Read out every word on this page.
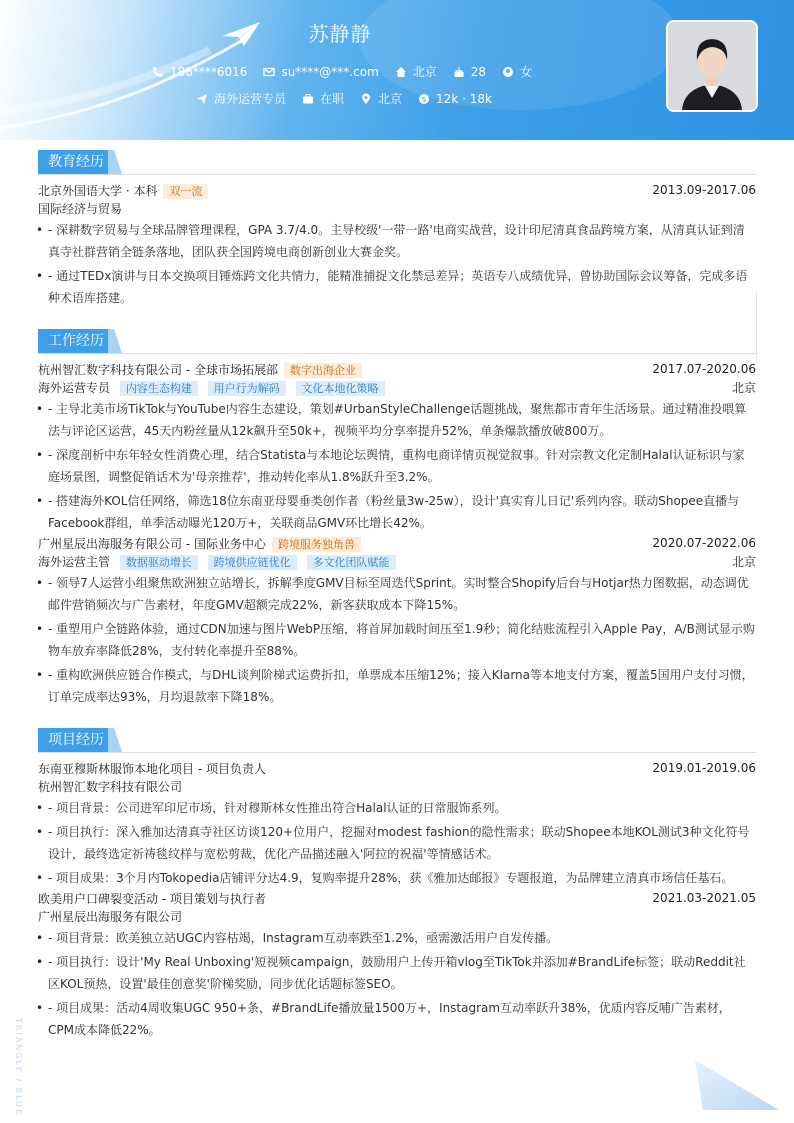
苏静静
188****6016	su****@***.com	北京	28	女
海外运营专员	在职	北京 $ 12k · 18k
教育经历
北京外国语大学 · 本科 双一流	2013.09-2017.06
国际经济与贸易
• - 深耕数字贸易与全球品牌管理课程，GPA 3.7/4.0。主导校级'一带一路'电商实战营，设计印尼清真食品跨境方案，从清真认证到清真寺社群营销全链条落地，团队获全国跨境电商创新创业大赛金奖。
• - 通过TEDx演讲与日本交换项目锤炼跨文化共情力，能精准捕捉文化禁忌差异；英语专八成绩优异，曾协助国际会议筹备，完成多语种术语库搭建。
工作经历
杭州智汇数字科技有限公司 - 全球市场拓展部 数字出海企业	2017.07-2020.06
海外运营专员 内容生态构建 用户行为解码 文化本地化策略	北京
• - 主导北美市场TikTok与YouTube内容生态建设，策划#UrbanStyleChallenge话题挑战，聚焦都市青年生活场景。通过精准投喂算法与评论区运营，45天内粉丝量从12k飙升至50k+，视频平均分享率提升52%，单条爆款播放破800万。
• - 深度剖析中东年轻女性消费心理，结合Statista与本地论坛舆情，重构电商详情页视觉叙事。针对宗教文化定制Halal认证标识与家庭场景图，调整促销话术为'母亲推荐'，推动转化率从1.8%跃升至3.2%。
• - 搭建海外KOL信任网络，筛选18位东南亚母婴垂类创作者（粉丝量3w-25w），设计'真实育儿日记'系列内容。联动Shopee直播与Facebook群组，单季活动曝光120万+，关联商品GMV环比增长42%。
广州星辰出海服务有限公司 - 国际业务中心 跨境服务独角兽	2020.07-2022.06
海外运营主管 数据驱动增长 跨境供应链优化 多文化团队赋能	北京
• - 领导7人运营小组聚焦欧洲独立站增长，拆解季度GMV目标至周迭代Sprint。实时整合Shopify后台与Hotjar热力图数据，动态调优邮件营销频次与广告素材，年度GMV超额完成22%，新客获取成本下降15%。
• - 重塑用户全链路体验，通过CDN加速与图片WebP压缩，将首屏加载时间压至1.9秒；简化结账流程引入Apple Pay，A/B测试显示购物车放弃率降低28%，支付转化率提升至88%。
• - 重构欧洲供应链合作模式，与DHL谈判阶梯式运费折扣，单票成本压缩12%；接入Klarna等本地支付方案，覆盖5国用户支付习惯，订单完成率达93%，月均退款率下降18%。
项目经历
东南亚穆斯林服饰本地化项目 - 项目负责人	2019.01-2019.06
杭州智汇数字科技有限公司
• - 项目背景：公司进军印尼市场，针对穆斯林女性推出符合Halal认证的日常服饰系列。
• - 项目执行：深入雅加达清真寺社区访谈120+位用户，挖掘对modest fashion的隐性需求；联动Shopee本地KOL测试3种文化符号设计，最终选定祈祷毯纹样与宽松剪裁，优化产品描述融入'阿拉的祝福'等情感话术。
• - 项目成果：3个月内Tokopedia店铺评分达4.9，复购率提升28%，获《雅加达邮报》专题报道，为品牌建立清真市场信任基石。
欧美用户口碑裂变活动 - 项目策划与执行者	2021.03-2021.05
广州星辰出海服务有限公司
• - 项目背景：欧美独立站UGC内容枯竭，Instagram互动率跌至1.2%，亟需激活用户自发传播。
• - 项目执行：设计'My Real Unboxing'短视频campaign，鼓励用户上传开箱vlog至TikTok并添加#BrandLife标签；联动Reddit社区KOL预热，设置'最佳创意奖'阶梯奖励，同步优化话题标签SEO。
• - 项目成果：活动4周收集UGC 950+条，#BrandLife播放量1500万+，Instagram互动率跃升38%，优质内容反哺广告素材，CPM成本降低22%。
TRIANGLE / BLUE
